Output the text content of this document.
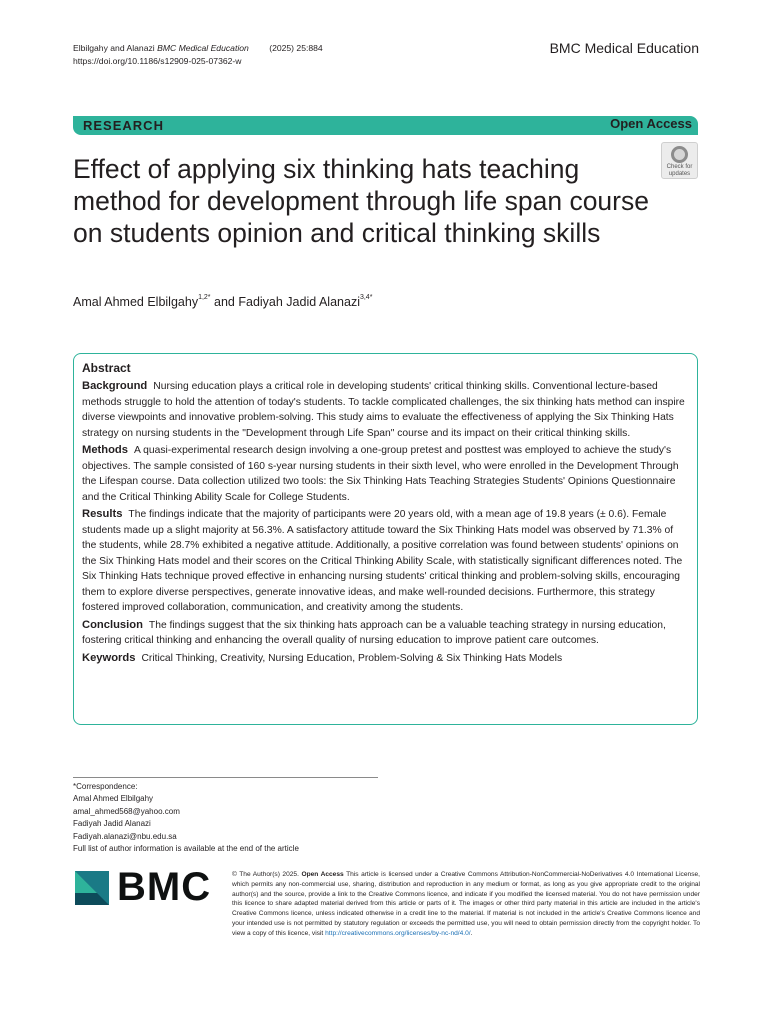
Elbilgahy and Alanazi BMC Medical Education (2025) 25:884
https://doi.org/10.1186/s12909-025-07362-w
BMC Medical Education
RESEARCH	Open Access
Effect of applying six thinking hats teaching method for development through life span course on students opinion and critical thinking skills
Check for
updates
Amal Ahmed Elbilgahy$^{1,2*}$ and Fadiyah Jadid Alanazi$^{3,4*}$
Abstract

Background Nursing education plays a critical role in developing students' critical thinking skills. Conventional lecture-based methods struggle to hold the attention of today's students. To tackle complicated challenges, the six thinking hats method can inspire diverse viewpoints and innovative problem-solving. This study aims to evaluate the effectiveness of applying the Six Thinking Hats strategy on nursing students in the "Development through Life Span" course and its impact on their critical thinking skills.

Methods A quasi-experimental research design involving a one-group pretest and posttest was employed to achieve the study's objectives. The sample consisted of 160 s-year nursing students in their sixth level, who were enrolled in the Development Through the Lifespan course. Data collection utilized two tools: the Six Thinking Hats Teaching Strategies Students' Opinions Questionnaire and the Critical Thinking Ability Scale for College Students.

Results The findings indicate that the majority of participants were 20 years old, with a mean age of 19.8 years (± 0.6). Female students made up a slight majority at 56.3%. A satisfactory attitude toward the Six Thinking Hats model was observed by 71.3% of the students, while 28.7% exhibited a negative attitude. Additionally, a positive correlation was found between students' opinions on the Six Thinking Hats model and their scores on the Critical Thinking Ability Scale, with statistically significant differences noted. The Six Thinking Hats technique proved effective in enhancing nursing students' critical thinking and problem-solving skills, encouraging them to explore diverse perspectives, generate innovative ideas, and make well-rounded decisions. Furthermore, this strategy fostered improved collaboration, communication, and creativity among the students.

Conclusion The findings suggest that the six thinking hats approach can be a valuable teaching strategy in nursing education, fostering critical thinking and enhancing the overall quality of nursing education to improve patient care outcomes.

Keywords Critical Thinking, Creativity, Nursing Education, Problem-Solving & Six Thinking Hats Models

*Correspondence:
Amal Ahmed Elbilgahy
amal_ahmed568@yahoo.com
Fadiyah Jadid Alanazi
Fadiyah.alanazi@nbu.edu.sa
Full list of author information is available at the end of the article
BMC	© The Author(s) 2025. Open Access This article is licensed under a Creative Commons Attribution-NonCommercial-NoDerivatives 4.0 International License, which permits any non-commercial use, sharing, distribution and reproduction in any medium or format, as long as you give appropriate credit to the original author(s) and the source, provide a link to the Creative Commons licence, and indicate if you modified the licensed material. You do not have permission under this licence to share adapted material derived from this article or parts of it. The images or other third party material in this article are included in the article's Creative Commons licence, unless indicated otherwise in a credit line to the material. If material is not included in the article's Creative Commons licence and your intended use is not permitted by statutory regulation or exceeds the permitted use, you will need to obtain permission directly from the copyright holder. To view a copy of this licence, visit http://creativecommons.org/licenses/by-nc-nd/4.0/.
